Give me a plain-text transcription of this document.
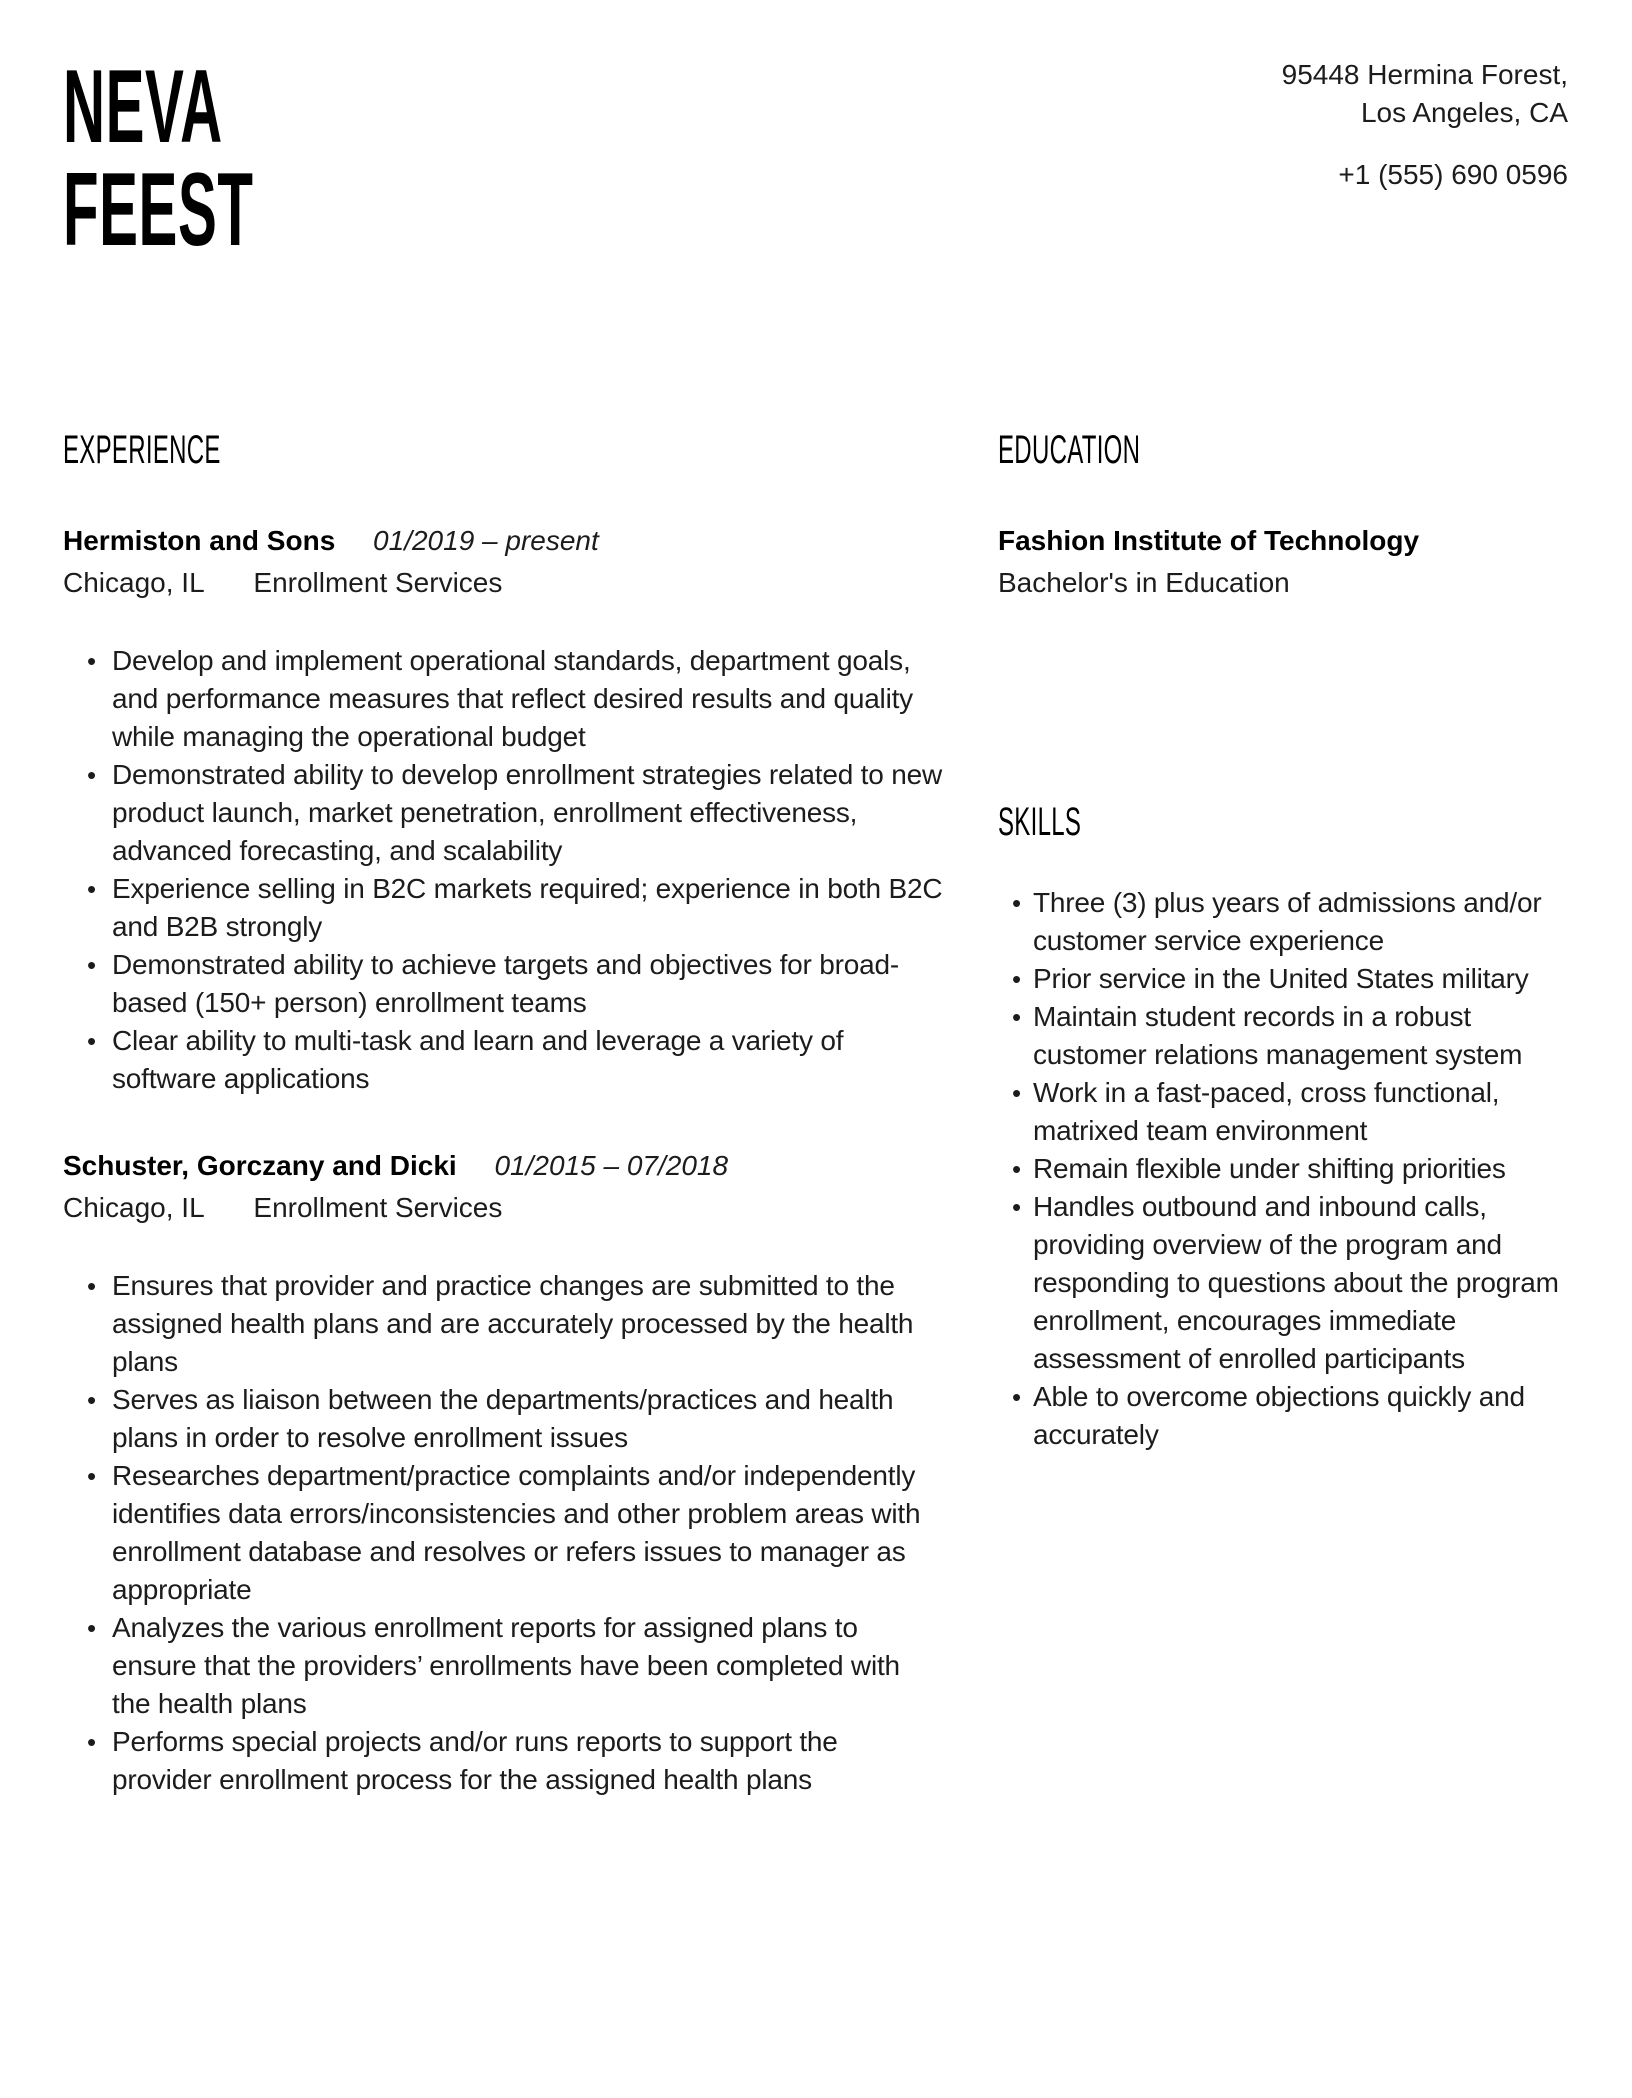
NEVA
FEEST
95448 Hermina Forest,
Los Angeles, CA
+1 (555) 690 0596
EXPERIENCE
Hermiston and Sons 01/2019 – present
Chicago, IL Enrollment Services
• Develop and implement operational standards, department goals, and performance measures that reflect desired results and quality while managing the operational budget
• Demonstrated ability to develop enrollment strategies related to new product launch, market penetration, enrollment effectiveness, advanced forecasting, and scalability
• Experience selling in B2C markets required; experience in both B2C and B2B strongly
• Demonstrated ability to achieve targets and objectives for broad-based (150+ person) enrollment teams
• Clear ability to multi-task and learn and leverage a variety of software applications
Schuster, Gorczany and Dicki 01/2015 – 07/2018
Chicago, IL Enrollment Services
• Ensures that provider and practice changes are submitted to the assigned health plans and are accurately processed by the health plans
• Serves as liaison between the departments/practices and health plans in order to resolve enrollment issues
• Researches department/practice complaints and/or independently identifies data errors/inconsistencies and other problem areas with enrollment database and resolves or refers issues to manager as appropriate
• Analyzes the various enrollment reports for assigned plans to ensure that the providers’ enrollments have been completed with the health plans
• Performs special projects and/or runs reports to support the provider enrollment process for the assigned health plans
EDUCATION
Fashion Institute of Technology
Bachelor's in Education
SKILLS
• Three (3) plus years of admissions and/or customer service experience
• Prior service in the United States military
• Maintain student records in a robust customer relations management system
• Work in a fast-paced, cross functional, matrixed team environment
• Remain flexible under shifting priorities
• Handles outbound and inbound calls, providing overview of the program and responding to questions about the program enrollment, encourages immediate assessment of enrolled participants
• Able to overcome objections quickly and accurately
